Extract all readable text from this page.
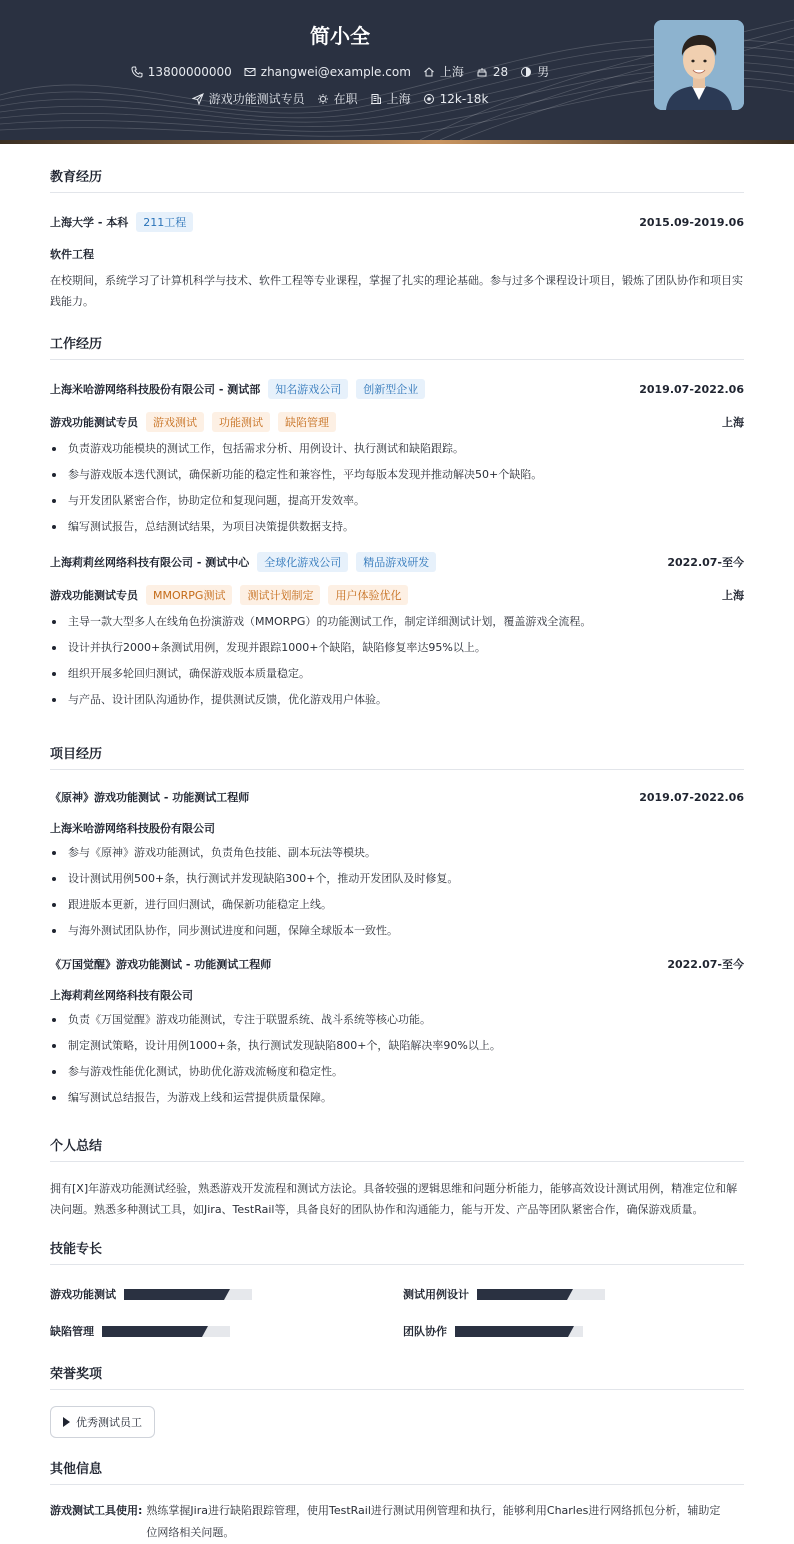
简小全
13800000000 zhangwei@example.com 上海 28 男
游戏功能测试专员 在职 上海 12k-18k
教育经历
上海大学 - 本科	211工程	2015.09-2019.06
软件工程
在校期间，系统学习了计算机科学与技术、软件工程等专业课程，掌握了扎实的理论基础。参与过多个课程设计项目，锻炼了团队协作和项目实践能力。
工作经历
上海米哈游网络科技股份有限公司 - 测试部	知名游戏公司	创新型企业	2019.07-2022.06
游戏功能测试专员	游戏测试	功能测试	缺陷管理	上海
负责游戏功能模块的测试工作，包括需求分析、用例设计、执行测试和缺陷跟踪。
参与游戏版本迭代测试，确保新功能的稳定性和兼容性，平均每版本发现并推动解决50+个缺陷。
与开发团队紧密合作，协助定位和复现问题，提高开发效率。
编写测试报告，总结测试结果，为项目决策提供数据支持。
上海莉莉丝网络科技有限公司 - 测试中心	全球化游戏公司	精品游戏研发	2022.07-至今
游戏功能测试专员	MMORPG测试	测试计划制定	用户体验优化	上海
主导一款大型多人在线角色扮演游戏（MMORPG）的功能测试工作，制定详细测试计划，覆盖游戏全流程。
设计并执行2000+条测试用例，发现并跟踪1000+个缺陷，缺陷修复率达95%以上。
组织开展多轮回归测试，确保游戏版本质量稳定。
与产品、设计团队沟通协作，提供测试反馈，优化游戏用户体验。
项目经历
《原神》游戏功能测试 - 功能测试工程师	2019.07-2022.06
上海米哈游网络科技股份有限公司
参与《原神》游戏功能测试，负责角色技能、副本玩法等模块。
设计测试用例500+条，执行测试并发现缺陷300+个，推动开发团队及时修复。
跟进版本更新，进行回归测试，确保新功能稳定上线。
与海外测试团队协作，同步测试进度和问题，保障全球版本一致性。
《万国觉醒》游戏功能测试 - 功能测试工程师	2022.07-至今
上海莉莉丝网络科技有限公司
负责《万国觉醒》游戏功能测试，专注于联盟系统、战斗系统等核心功能。
制定测试策略，设计用例1000+条，执行测试发现缺陷800+个，缺陷解决率90%以上。
参与游戏性能优化测试，协助优化游戏流畅度和稳定性。
编写测试总结报告，为游戏上线和运营提供质量保障。
个人总结
拥有[X]年游戏功能测试经验，熟悉游戏开发流程和测试方法论。具备较强的逻辑思维和问题分析能力，能够高效设计测试用例，精准定位和解决问题。熟悉多种测试工具，如Jira、TestRail等，具备良好的团队协作和沟通能力，能与开发、产品等团队紧密合作，确保游戏质量。
技能专长
游戏功能测试	测试用例设计
缺陷管理	团队协作
荣誉奖项
优秀测试员工
其他信息
游戏测试工具使用: 熟练掌握Jira进行缺陷跟踪管理，使用TestRail进行测试用例管理和执行，能够利用Charles进行网络抓包分析，辅助定位网络相关问题。
